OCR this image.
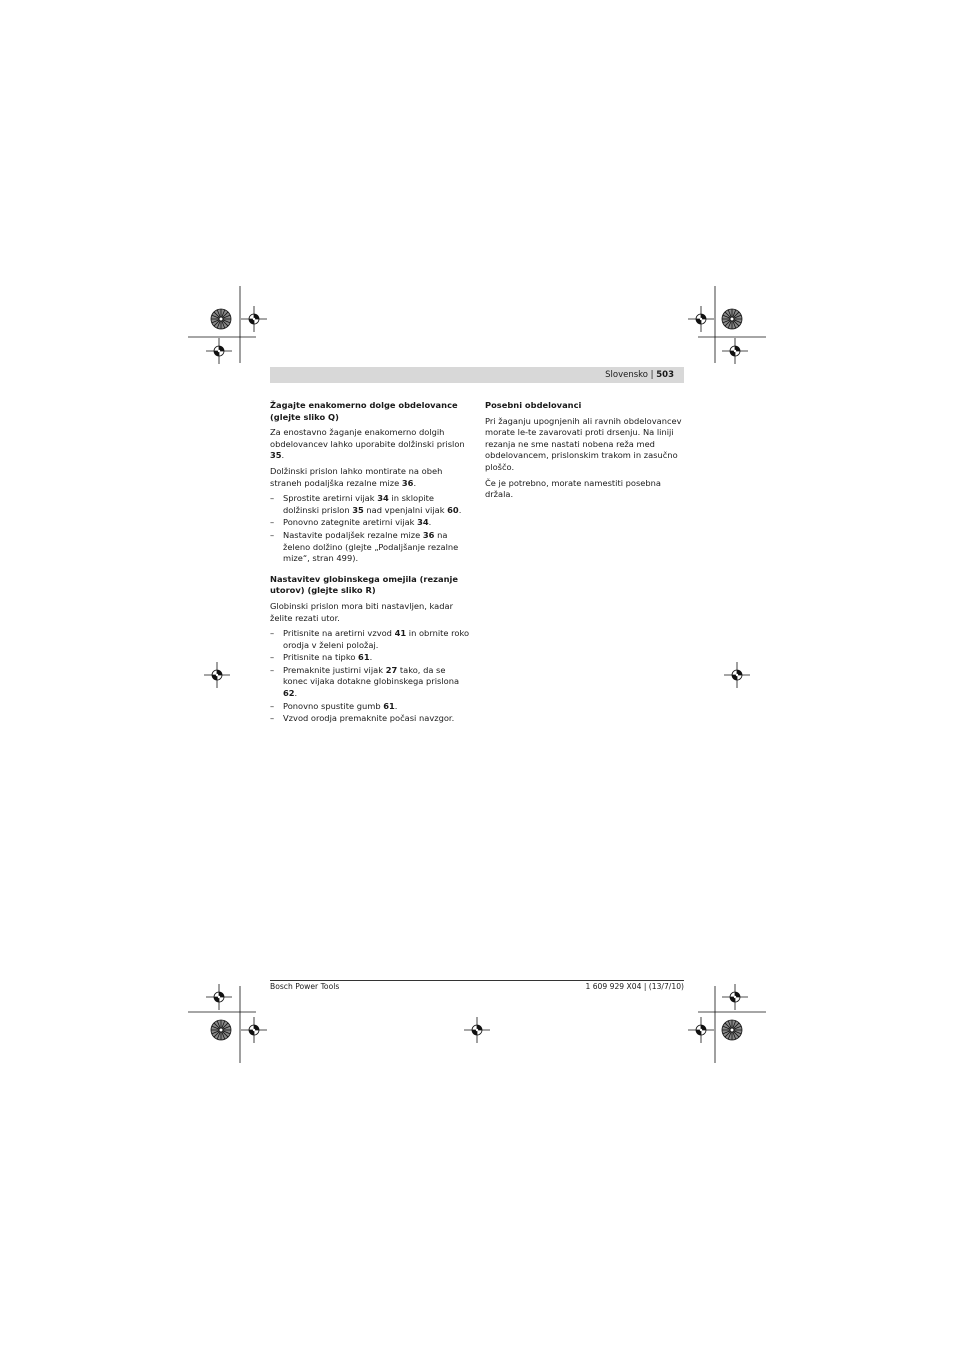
Slovensko | 503
Žagajte enakomerno dolge obdelovance (glejte sliko Q)

Za enostavno žaganje enakomerno dolgih obdelovancev lahko uporabite dolžinski prislon 35.

Dolžinski prislon lahko montirate na obeh straneh podaljška rezalne mize 36.

– Sprostite aretirni vijak 34 in sklopite dolžinski prislon 35 nad vpenjalni vijak 60.
– Ponovno zategnite aretirni vijak 34.
– Nastavite podaljšek rezalne mize 36 na želeno dolžino (glejte „Podaljšanje rezalne mize“, stran 499).
Nastavitev globinskega omejila (rezanje utorov) (glejte sliko R)

Globinski prislon mora biti nastavljen, kadar želite rezati utor.

– Pritisnite na aretirni vzvod 41 in obrnite roko orodja v želeni položaj.
– Pritisnite na tipko 61.
– Premaknite justirni vijak 27 tako, da se konec vijaka dotakne globinskega prislona 62.
– Ponovno spustite gumb 61.
– Vzvod orodja premaknite počasi navzgor.
Posebni obdelovanci

Pri žaganju upognjenih ali ravnih obdelovancev morate le-te zavarovati proti drsenju. Na liniji rezanja ne sme nastati nobena reža med obdelovancem, prislonskim trakom in zasučno ploščo.

Če je potrebno, morate namestiti posebna držala.

Bosch Power Tools	1 609 929 X04 | (13/7/10)
